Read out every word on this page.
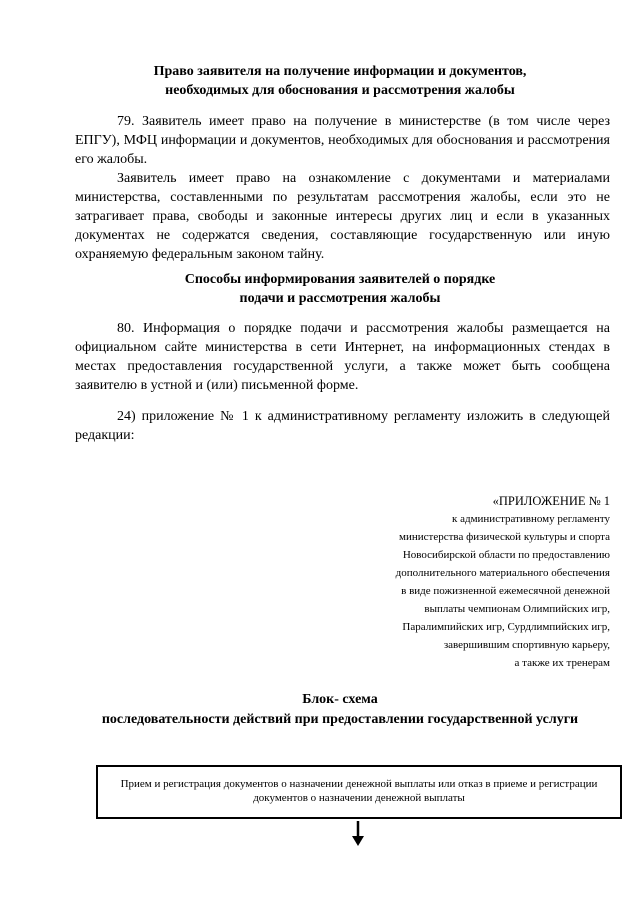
Право заявителя на получение информации и документов,
необходимых для обоснования и рассмотрения жалобы

79. Заявитель имеет право на получение в министерстве (в том числе через ЕПГУ), МФЦ информации и документов, необходимых для обоснования и рассмотрения его жалобы.

Заявитель имеет право на ознакомление с документами и материалами министерства, составленными по результатам рассмотрения жалобы, если это не затрагивает права, свободы и законные интересы других лиц и если в указанных документах не содержатся сведения, составляющие государственную или иную охраняемую федеральным законом тайну.

Способы информирования заявителей о порядке
подачи и рассмотрения жалобы

80. Информация о порядке подачи и рассмотрения жалобы размещается на официальном сайте министерства в сети Интернет, на информационных стендах в местах предоставления государственной услуги, а также может быть сообщена заявителю в устной и (или) письменной форме.

24) приложение № 1 к административному регламенту изложить в следующей редакции:

«ПРИЛОЖЕНИЕ № 1
к административному регламенту
министерства физической культуры и спорта
Новосибирской области по предоставлению
дополнительного материального обеспечения
в виде пожизненной ежемесячной денежной
выплаты чемпионам Олимпийских игр,
Паралимпийских игр, Сурдлимпийских игр,
завершившим спортивную карьеру,
а также их тренерам
Блок- схема
последовательности действий при предоставлении государственной услуги
Прием и регистрация документов о назначении денежной выплаты или отказ в приеме и регистрации документов о назначении денежной выплаты
